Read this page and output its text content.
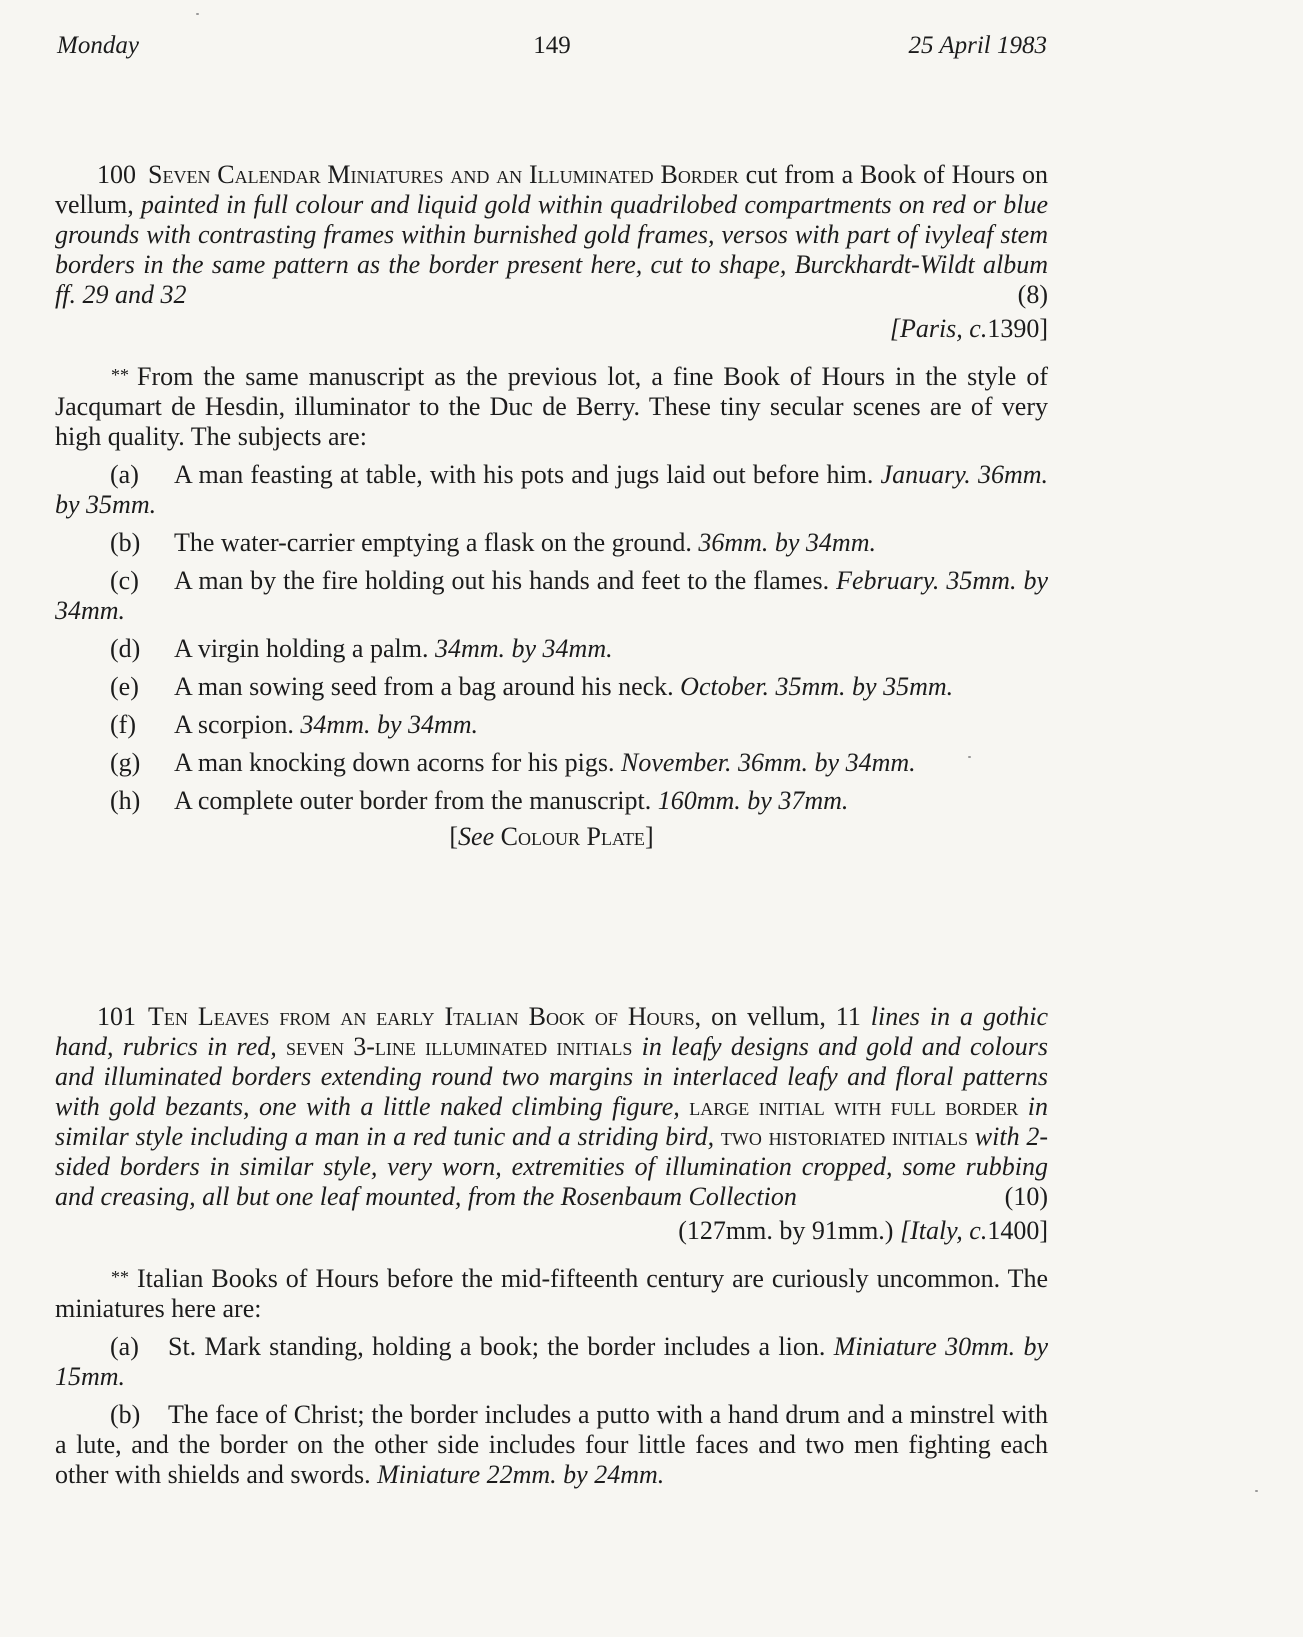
Monday	149	25 April 1983
100 Seven Calendar Miniatures and an Illuminated Border cut from a Book of Hours on vellum, painted in full colour and liquid gold within quadrilobed compartments on red or blue grounds with contrasting frames within burnished gold frames, versos with part of ivyleaf stem borders in the same pattern as the border present here, cut to shape, Burckhardt-Wildt album ff. 29 and 32	(8)
[Paris, c.1390]
** From the same manuscript as the previous lot, a fine Book of Hours in the style of Jacqumart de Hesdin, illuminator to the Duc de Berry. These tiny secular scenes are of very high quality. The subjects are:
(a) A man feasting at table, with his pots and jugs laid out before him. January. 36mm. by 35mm.
(b) The water-carrier emptying a flask on the ground. 36mm. by 34mm.
(c) A man by the fire holding out his hands and feet to the flames. February. 35mm. by 34mm.
(d) A virgin holding a palm. 34mm. by 34mm.
(e) A man sowing seed from a bag around his neck. October. 35mm. by 35mm.
(f) A scorpion. 34mm. by 34mm.
(g) A man knocking down acorns for his pigs. November. 36mm. by 34mm.
(h) A complete outer border from the manuscript. 160mm. by 37mm.
[See Colour Plate]
101 Ten Leaves from an early Italian Book of Hours, on vellum, 11 lines in a gothic hand, rubrics in red, seven 3-line illuminated initials in leafy designs and gold and colours and illuminated borders extending round two margins in interlaced leafy and floral patterns with gold bezants, one with a little naked climbing figure, large initial with full border in similar style including a man in a red tunic and a striding bird, two historiated initials with 2-sided borders in similar style, very worn, extremities of illumination cropped, some rubbing and creasing, all but one leaf mounted, from the Rosenbaum Collection	(10)
(127mm. by 91mm.) [Italy, c.1400]
** Italian Books of Hours before the mid-fifteenth century are curiously uncommon. The miniatures here are:
(a) St. Mark standing, holding a book; the border includes a lion. Miniature 30mm. by 15mm.
(b) The face of Christ; the border includes a putto with a hand drum and a minstrel with a lute, and the border on the other side includes four little faces and two men fighting each other with shields and swords. Miniature 22mm. by 24mm.
